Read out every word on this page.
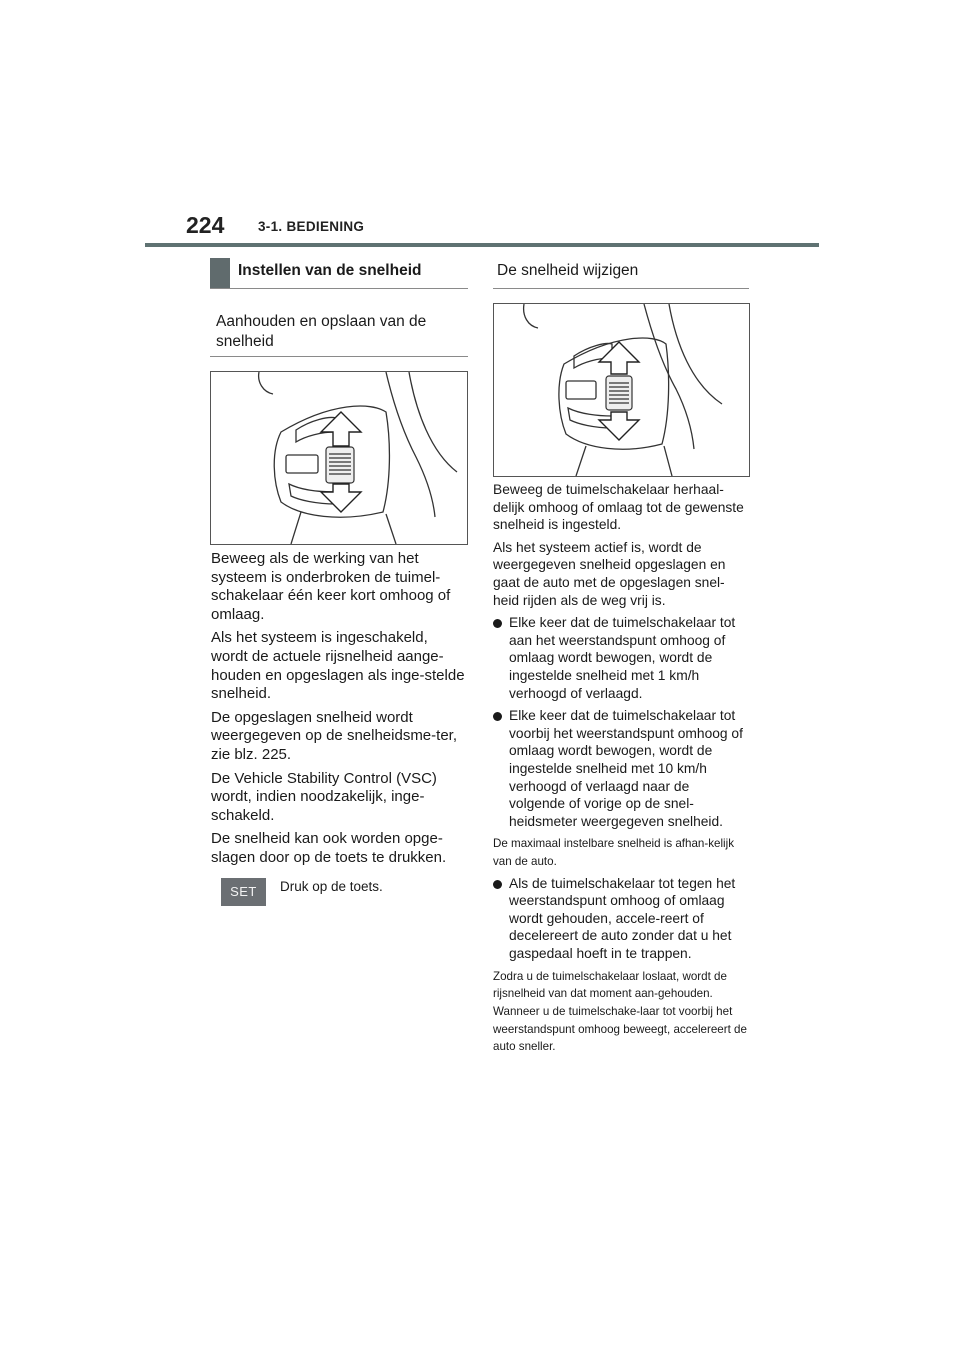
224 3-1. BEDIENING
Instellen van de snelheid
Aanhouden en opslaan van de snelheid

Beweeg als de werking van het systeem is onderbroken de tuimel-schakelaar één keer kort omhoog of omlaag.

Als het systeem is ingeschakeld, wordt de actuele rijsnelheid aange-houden en opgeslagen als inge-stelde snelheid.

De opgeslagen snelheid wordt weergegeven op de snelheidsme-ter, zie blz. 225.

De Vehicle Stability Control (VSC) wordt, indien noodzakelijk, inge-schakeld.

De snelheid kan ook worden opge-slagen door op de toets te drukken.

SET	Druk op de toets.
De snelheid wijzigen

Beweeg de tuimelschakelaar herhaal-delijk omhoog of omlaag tot de gewenste snelheid is ingesteld.

Als het systeem actief is, wordt de weergegeven snelheid opgeslagen en gaat de auto met de opgeslagen snel-heid rijden als de weg vrij is.

Elke keer dat de tuimelschakelaar tot aan het weerstandspunt omhoog of omlaag wordt bewogen, wordt de ingestelde snelheid met 1 km/h verhoogd of verlaagd.
Elke keer dat de tuimelschakelaar tot voorbij het weerstandspunt omhoog of omlaag wordt bewogen, wordt de ingestelde snelheid met 10 km/h verhoogd of verlaagd naar de volgende of vorige op de snel-heidsmeter weergegeven snelheid.

De maximaal instelbare snelheid is afhan-kelijk van de auto.

Als de tuimelschakelaar tot tegen het weerstandspunt omhoog of omlaag wordt gehouden, accele-reert of decelereert de auto zonder dat u het gaspedaal hoeft in te trappen.

Zodra u de tuimelschakelaar loslaat, wordt de rijsnelheid van dat moment aan-gehouden. Wanneer u de tuimelschake-laar tot voorbij het weerstandspunt omhoog beweegt, accelereert de auto sneller.
